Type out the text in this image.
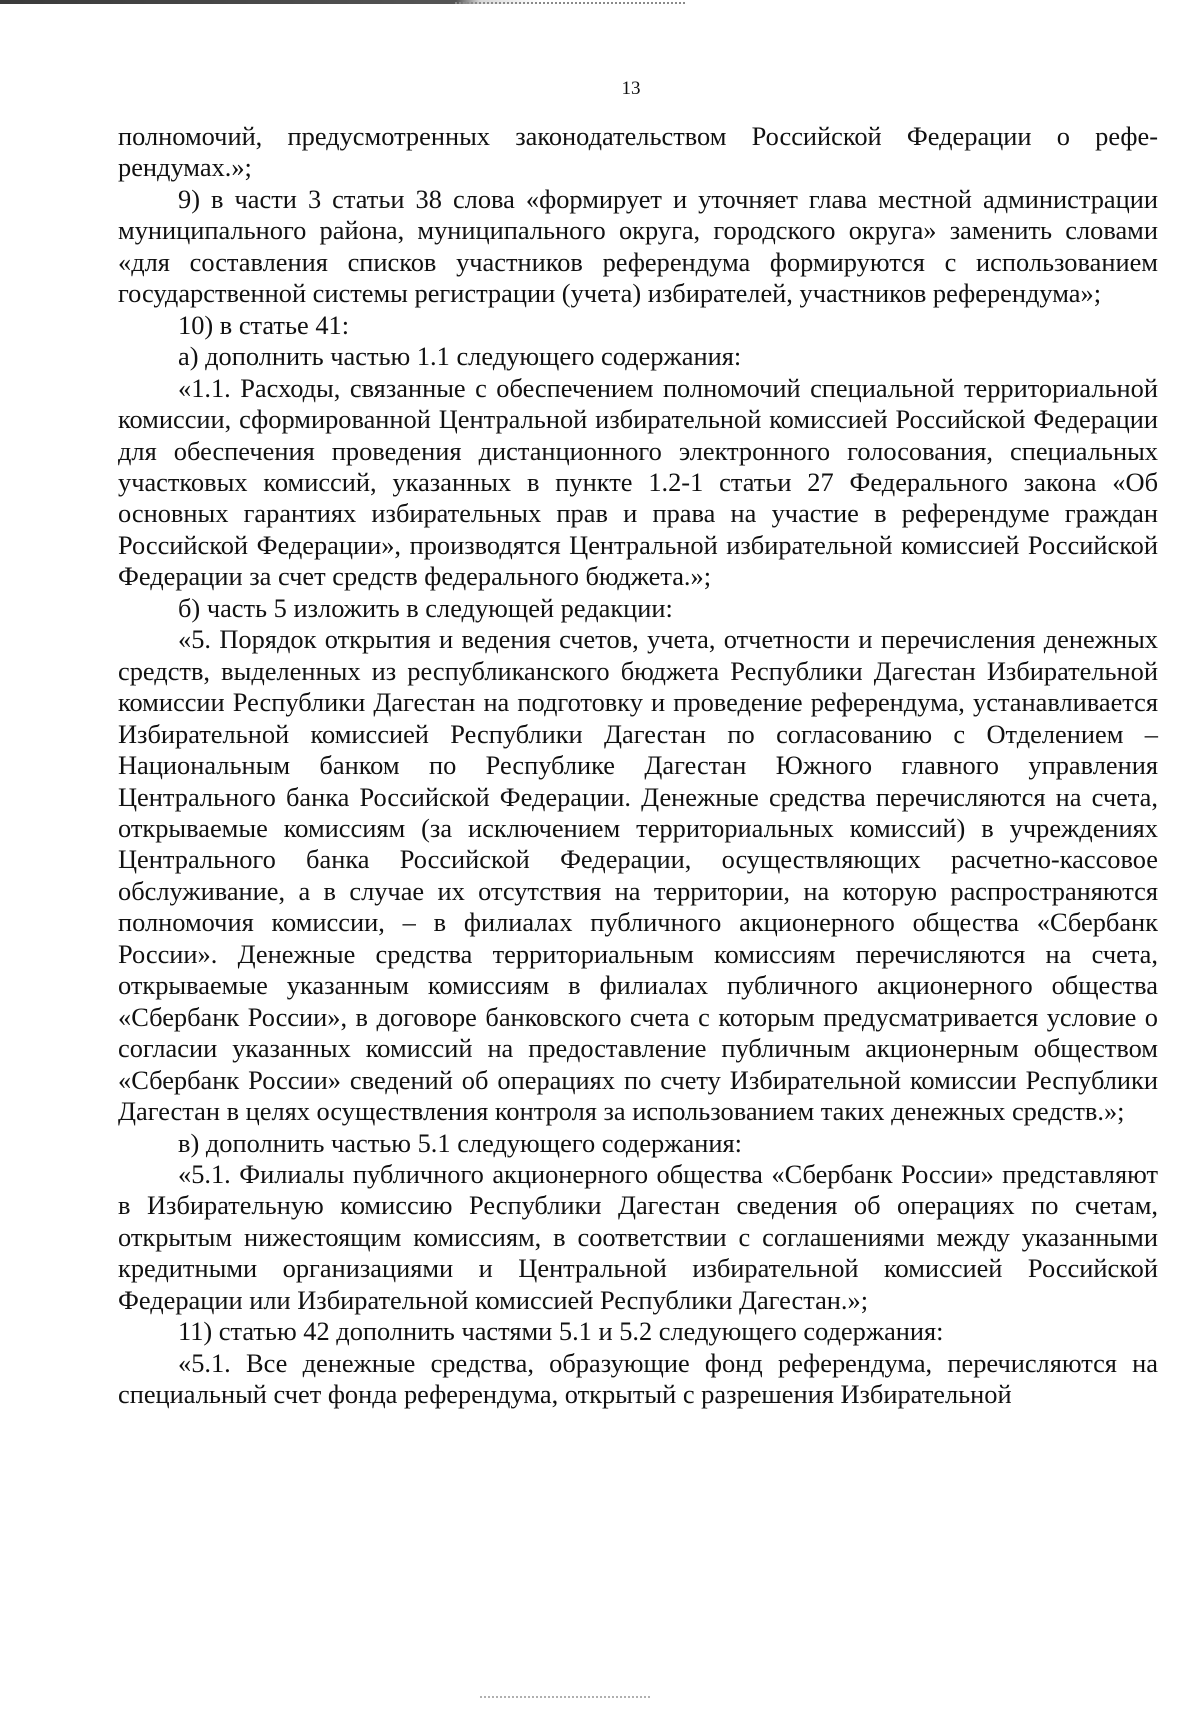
13

полномочий, предусмотренных законодательством Российской Федерации о референдумах.»;

9) в части 3 статьи 38 слова «формирует и уточняет глава местной администрации муниципального района, муниципального округа, городского округа» заменить словами «для составления списков участников референдума формируются с использованием государственной системы регистрации (учета) избирателей, участников референдума»;

10) в статье 41:

а) дополнить частью 1.1 следующего содержания:

«1.1. Расходы, связанные с обеспечением полномочий специальной территориальной комиссии, сформированной Центральной избирательной комиссией Российской Федерации для обеспечения проведения дистанционного электронного голосования, специальных участковых комиссий, указанных в пункте 1.2-1 статьи 27 Федерального закона «Об основных гарантиях избирательных прав и права на участие в референдуме граждан Российской Федерации», производятся Центральной избирательной комиссией Российской Федерации за счет средств федерального бюджета.»;

б) часть 5 изложить в следующей редакции:

«5. Порядок открытия и ведения счетов, учета, отчетности и перечисления денежных средств, выделенных из республиканского бюджета Республики Дагестан Избирательной комиссии Республики Дагестан на подготовку и проведение референдума, устанавливается Избирательной комиссией Республики Дагестан по согласованию с Отделением – Национальным банком по Республике Дагестан Южного главного управления Центрального банка Российской Федерации. Денежные средства перечисляются на счета, открываемые комиссиям (за исключением территориальных комиссий) в учреждениях Центрального банка Российской Федерации, осуществляющих расчетно-кассовое обслуживание, а в случае их отсутствия на территории, на которую распространяются полномочия комиссии, – в филиалах публичного акционерного общества «Сбербанк России». Денежные средства территориальным комиссиям перечисляются на счета, открываемые указанным комиссиям в филиалах публичного акционерного общества «Сбербанк России», в договоре банковского счета с которым предусматривается условие о согласии указанных комиссий на предоставление публичным акционерным обществом «Сбербанк России» сведений об операциях по счету Избирательной комиссии Республики Дагестан в целях осуществления контроля за использованием таких денежных средств.»;

в) дополнить частью 5.1 следующего содержания:

«5.1. Филиалы публичного акционерного общества «Сбербанк России» представляют в Избирательную комиссию Республики Дагестан сведения об операциях по счетам, открытым нижестоящим комиссиям, в соответствии с соглашениями между указанными кредитными организациями и Центральной избирательной комиссией Российской Федерации или Избирательной комиссией Республики Дагестан.»;

11) статью 42 дополнить частями 5.1 и 5.2 следующего содержания:

«5.1. Все денежные средства, образующие фонд референдума, перечисляются на специальный счет фонда референдума, открытый с разрешения Избирательной
